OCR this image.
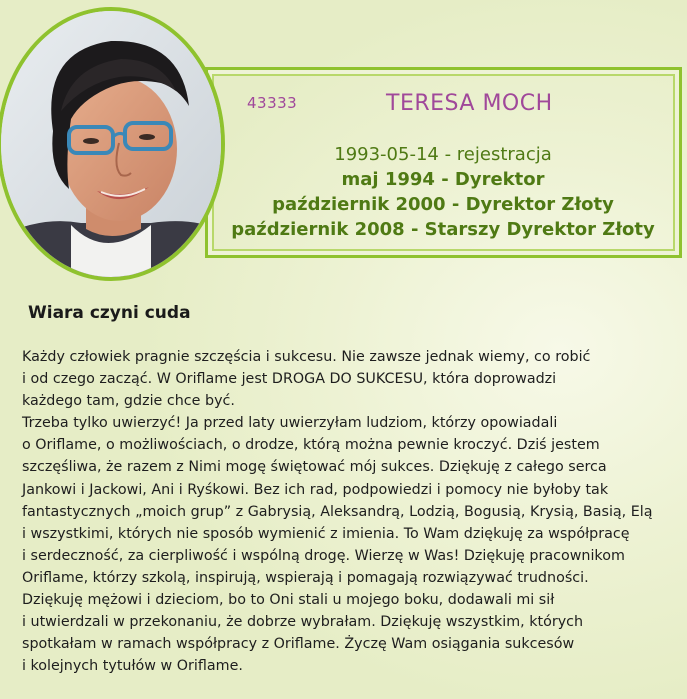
43333	TERESA MOCH
1993-05-14 - rejestracja
maj 1994 - Dyrektor
październik 2000 - Dyrektor Złoty
październik 2008 - Starszy Dyrektor Złoty
Wiara czyni cuda
Każdy człowiek pragnie szczęścia i sukcesu. Nie zawsze jednak wiemy, co robić
i od czego zacząć. W Oriflame jest DROGA DO SUKCESU, która doprowadzi
każdego tam, gdzie chce być.
Trzeba tylko uwierzyć! Ja przed laty uwierzyłam ludziom, którzy opowiadali
o Oriflame, o możliwościach, o drodze, którą można pewnie kroczyć. Dziś jestem
szczęśliwa, że razem z Nimi mogę świętować mój sukces. Dziękuję z całego serca
Jankowi i Jackowi, Ani i Ryśkowi. Bez ich rad, podpowiedzi i pomocy nie byłoby tak
fantastycznych „moich grup” z Gabrysią, Aleksandrą, Lodzią, Bogusią, Krysią, Basią, Elą
i wszystkimi, których nie sposób wymienić z imienia. To Wam dziękuję za współpracę
i serdeczność, za cierpliwość i wspólną drogę. Wierzę w Was! Dziękuję pracownikom
Oriflame, którzy szkolą, inspirują, wspierają i pomagają rozwiązywać trudności.
Dziękuję mężowi i dzieciom, bo to Oni stali u mojego boku, dodawali mi sił
i utwierdzali w przekonaniu, że dobrze wybrałam. Dziękuję wszystkim, których
spotkałam w ramach współpracy z Oriflame. Życzę Wam osiągania sukcesów
i kolejnych tytułów w Oriflame.
